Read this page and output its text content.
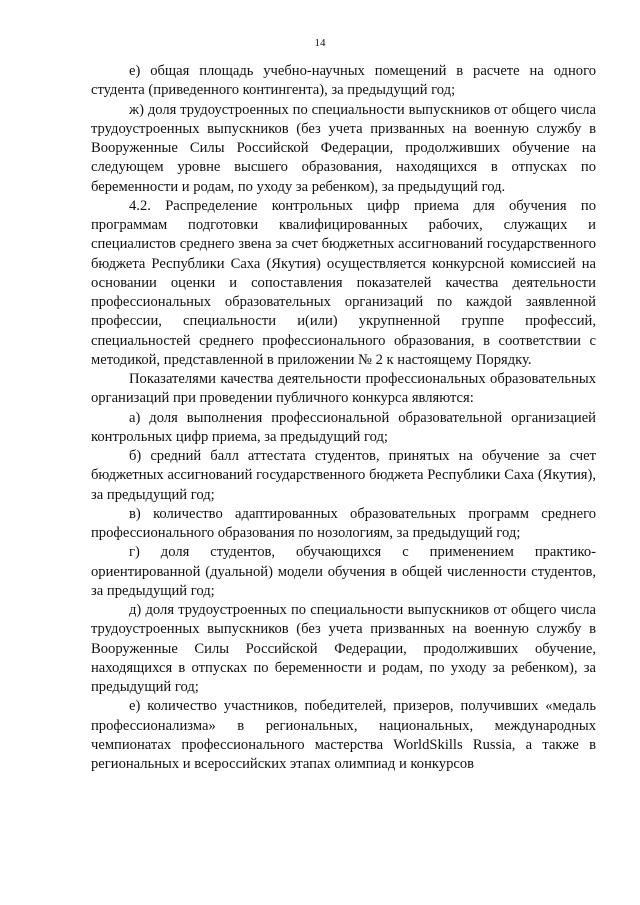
14

е) общая площадь учебно-научных помещений в расчете на одного студента (приведенного контингента), за предыдущий год;

ж) доля трудоустроенных по специальности выпускников от общего числа трудоустроенных выпускников (без учета призванных на военную службу в Вооруженные Силы Российской Федерации, продолживших обучение на следующем уровне высшего образования, находящихся в отпусках по беременности и родам, по уходу за ребенком), за предыдущий год.

4.2. Распределение контрольных цифр приема для обучения по программам подготовки квалифицированных рабочих, служащих и специалистов среднего звена за счет бюджетных ассигнований государственного бюджета Республики Саха (Якутия) осуществляется конкурсной комиссией на основании оценки и сопоставления показателей качества деятельности профессиональных образовательных организаций по каждой заявленной профессии, специальности и(или) укрупненной группе профессий, специальностей среднего профессионального образования, в соответствии с методикой, представленной в приложении № 2 к настоящему Порядку.

Показателями качества деятельности профессиональных образовательных организаций при проведении публичного конкурса являются:

а) доля выполнения профессиональной образовательной организацией контрольных цифр приема, за предыдущий год;

б) средний балл аттестата студентов, принятых на обучение за счет бюджетных ассигнований государственного бюджета Республики Саха (Якутия), за предыдущий год;

в) количество адаптированных образовательных программ среднего профессионального образования по нозологиям, за предыдущий год;

г) доля студентов, обучающихся с применением практико-ориентированной (дуальной) модели обучения в общей численности студентов, за предыдущий год;

д) доля трудоустроенных по специальности выпускников от общего числа трудоустроенных выпускников (без учета призванных на военную службу в Вооруженные Силы Российской Федерации, продолживших обучение, находящихся в отпусках по беременности и родам, по уходу за ребенком), за предыдущий год;

е) количество участников, победителей, призеров, получивших «медаль профессионализма» в региональных, национальных, международных чемпионатах профессионального мастерства WorldSkills Russia, а также в региональных и всероссийских этапах олимпиад и конкурсов
